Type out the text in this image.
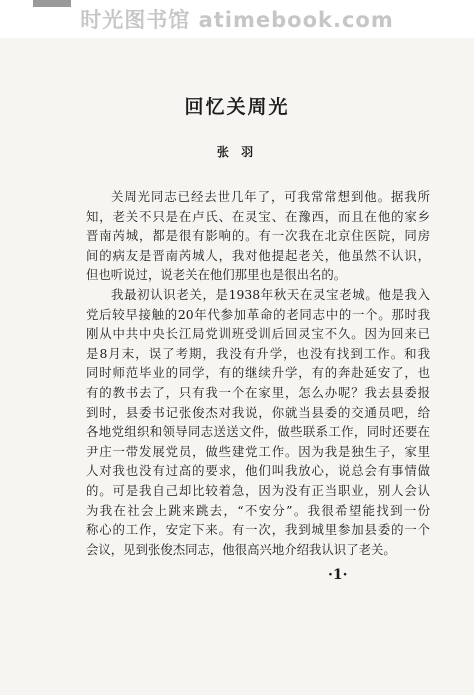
时光图书馆 atimebook.com
回忆关周光
张 羽
关周光同志已经去世几年了，可我常常想到他。据我所
知，老关不只是在卢氏、在灵宝、在豫西，而且在他的家乡
晋南芮城，都是很有影响的。有一次我在北京住医院，同房
间的病友是晋南芮城人，我对他提起老关，他虽然不认识，
但也听说过，说老关在他们那里也是很出名的。
我最初认识老关，是1938年秋天在灵宝老城。他是我入
党后较早接触的20年代参加革命的老同志中的一个。那时我
刚从中共中央长江局党训班受训后回灵宝不久。因为回来已
是8月末，误了考期，我没有升学，也没有找到工作。和我
同时师范毕业的同学，有的继续升学，有的奔赴延安了，也
有的教书去了，只有我一个在家里，怎么办呢？我去县委报
到时，县委书记张俊杰对我说，你就当县委的交通员吧，给
各地党组织和领导同志送送文件，做些联系工作，同时还要在
尹庄一带发展党员，做些建党工作。因为我是独生子，家里
人对我也没有过高的要求，他们叫我放心，说总会有事情做
的。可是我自己却比较着急，因为没有正当职业，别人会认
为我在社会上跳来跳去，“不安分”。我很希望能找到一份
称心的工作，安定下来。有一次，我到城里参加县委的一个
会议，见到张俊杰同志，他很高兴地介绍我认识了老关。
·1·
